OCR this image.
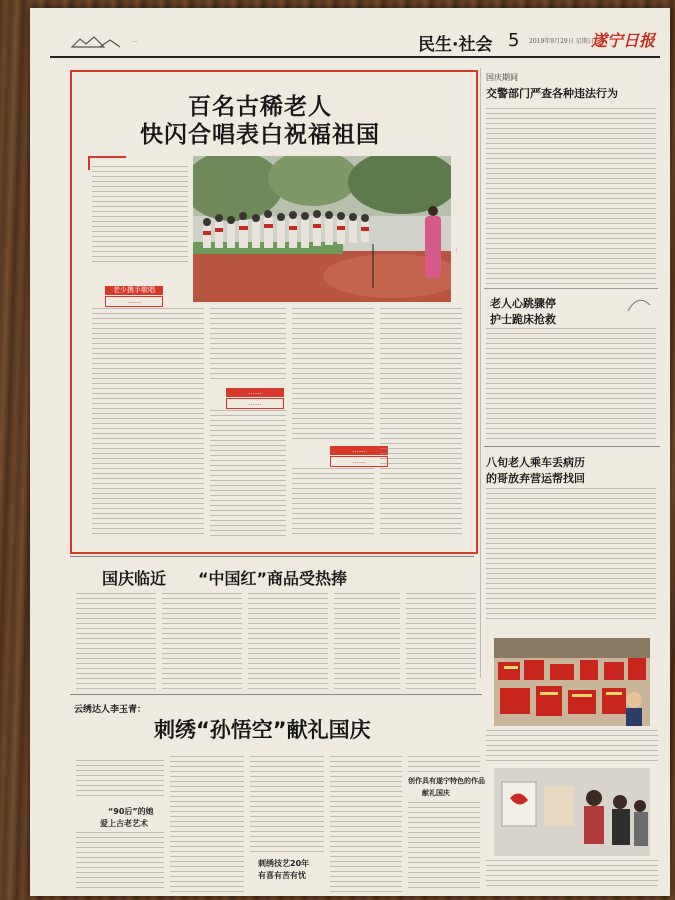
…	民生·社会 5 2019年9月29日 星期日
遂宁日报
百名古稀老人
快闪合唱表白祝福祖国
…
老少携手歌唱
……
……
……
……
……
国庆期间
交警部门严查各种违法行为
老人心跳骤停
护士跪床抢救
八旬老人乘车丢病历
的哥放弃营运帮找回
国庆临近 “中国红”商品受热捧
云绣达人李玉青：
刺绣“孙悟空”献礼国庆
“90后”的她
爱上古老艺术
刺绣技艺20年
有喜有苦有忧
创作具有遂宁特色的作品
献礼国庆
